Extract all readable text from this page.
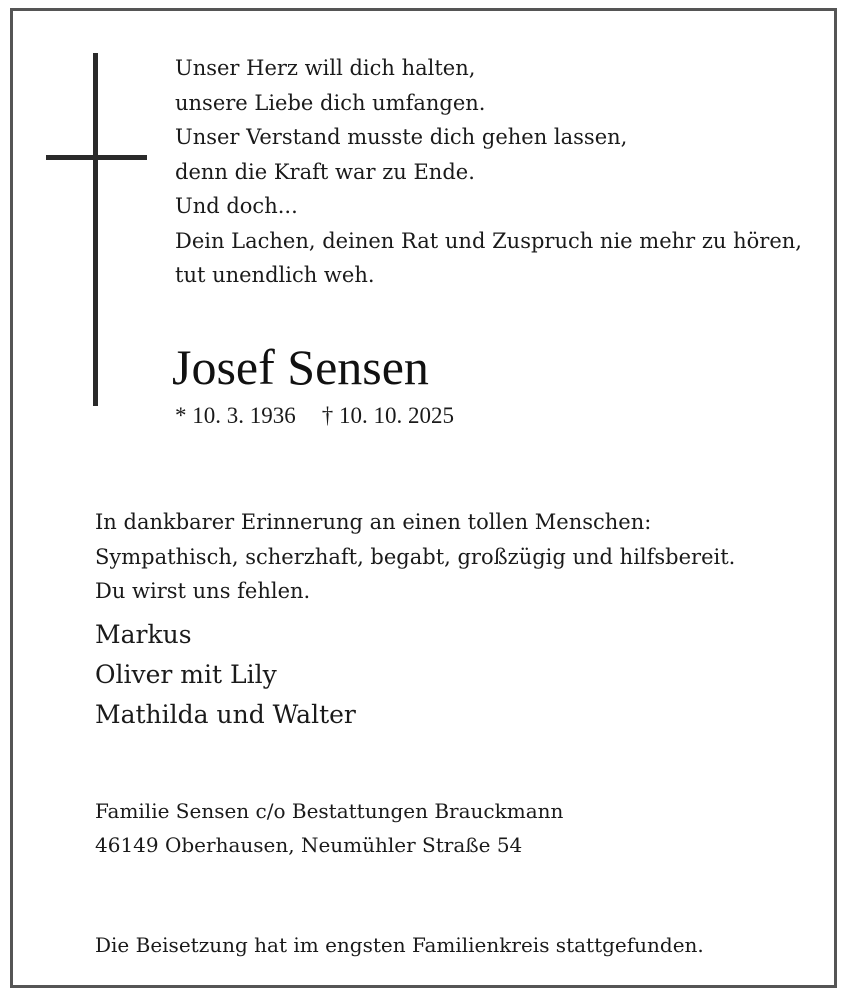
Unser Herz will dich halten,
unsere Liebe dich umfangen.
Unser Verstand musste dich gehen lassen,
denn die Kraft war zu Ende.
Und doch...
Dein Lachen, deinen Rat und Zuspruch nie mehr zu hören,
tut unendlich weh.
Josef Sensen
* 10. 3. 1936 † 10. 10. 2025
In dankbarer Erinnerung an einen tollen Menschen:
Sympathisch, scherzhaft, begabt, großzügig und hilfsbereit.
Du wirst uns fehlen.
Markus
Oliver mit Lily
Mathilda und Walter
Familie Sensen c/o Bestattungen Brauckmann
46149 Oberhausen, Neumühler Straße 54
Die Beisetzung hat im engsten Familienkreis stattgefunden.
